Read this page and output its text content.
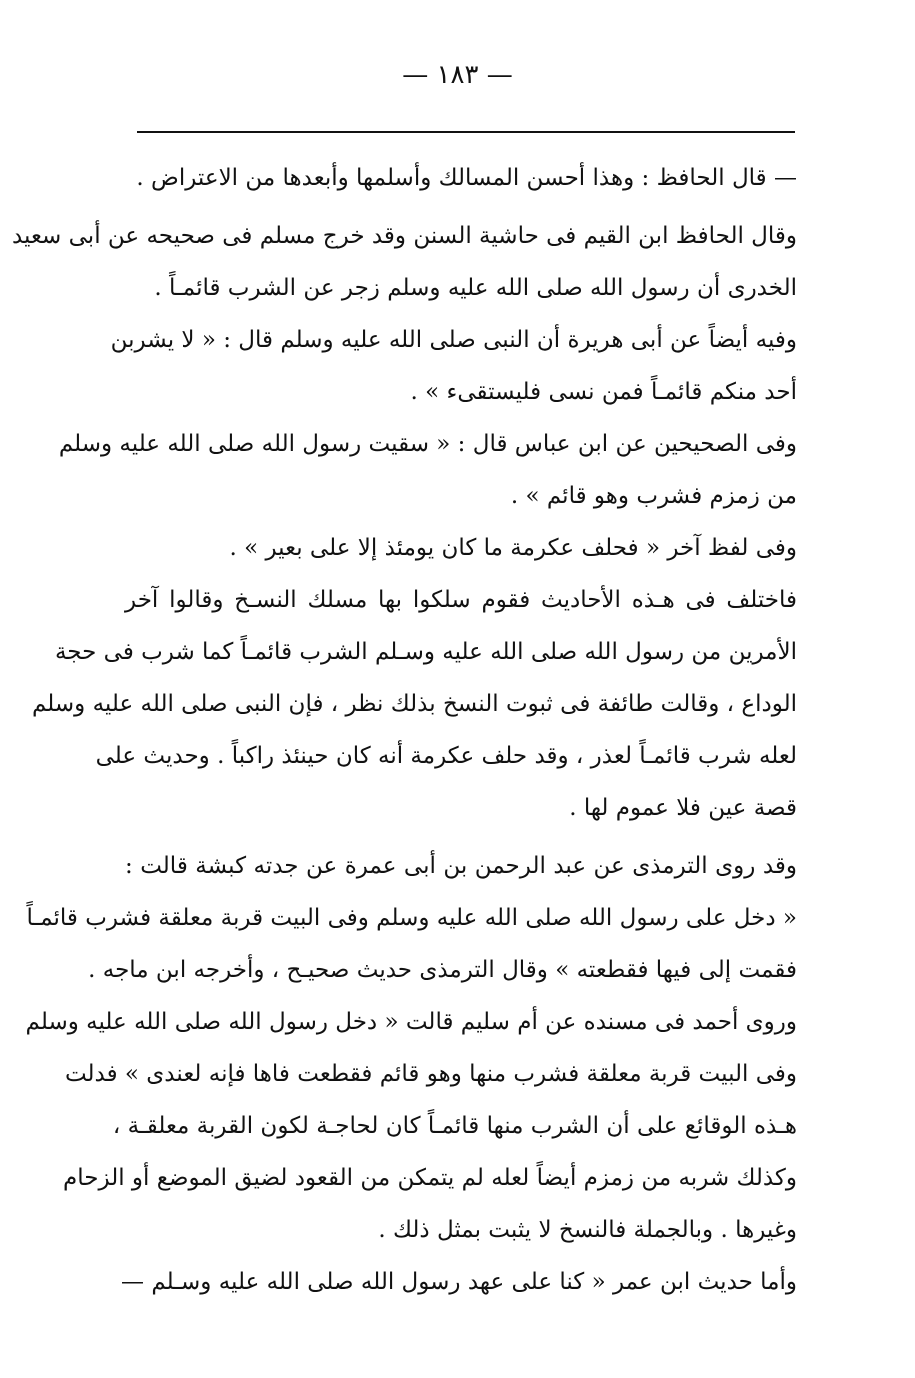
— ١٨٣ —
— قال الحافظ : وهذا أحسن المسالك وأسلمها وأبعدها من الاعتراض .
وقال الحافظ ابن القيم فى حاشية السنن وقد خرج مسلم فى صحيحه عن أبى سعيد
الخدرى أن رسول الله صلى الله عليه وسلم زجر عن الشرب قائمـاً .
وفيه أيضاً عن أبى هريرة أن النبى صلى الله عليه وسلم قال : « لا يشربن
أحد منكم قائمـاً فمن نسى فليستقىء » .
وفى الصحيحين عن ابن عباس قال : « سقيت رسول الله صلى الله عليه وسلم
من زمزم فشرب وهو قائم » .
وفى لفظ آخر « فحلف عكرمة ما كان يومئذ إلا على بعير » .
فاختلف فى هـذه الأحاديث فقوم سلكوا بها مسلك النسـخ وقالوا آخر
الأمرين من رسول الله صلى الله عليه وسـلم الشرب قائمـاً كما شرب فى حجة
الوداع ، وقالت طائفة فى ثبوت النسخ بذلك نظر ، فإن النبى صلى الله عليه وسلم
لعله شرب قائمـاً لعذر ، وقد حلف عكرمة أنه كان حينئذ راكباً . وحديث على
قصة عين فلا عموم لها .
وقد روى الترمذى عن عبد الرحمن بن أبى عمرة عن جدته كبشة قالت :
« دخل على رسول الله صلى الله عليه وسلم وفى البيت قربة معلقة فشرب قائمـاً
فقمت إلى فيها فقطعته » وقال الترمذى حديث صحيـح ، وأخرجه ابن ماجه .
وروى أحمد فى مسنده عن أم سليم قالت « دخل رسول الله صلى الله عليه وسلم
وفى البيت قربة معلقة فشرب منها وهو قائم فقطعت فاها فإنه لعندى » فدلت
هـذه الوقائع على أن الشرب منها قائمـاً كان لحاجـة لكون القربة معلقـة ،
وكذلك شربه من زمزم أيضاً لعله لم يتمكن من القعود لضيق الموضع أو الزحام
وغيرها . وبالجملة فالنسخ لا يثبت بمثل ذلك .
وأما حديث ابن عمر « كنا على عهد رسول الله صلى الله عليه وسـلم —
